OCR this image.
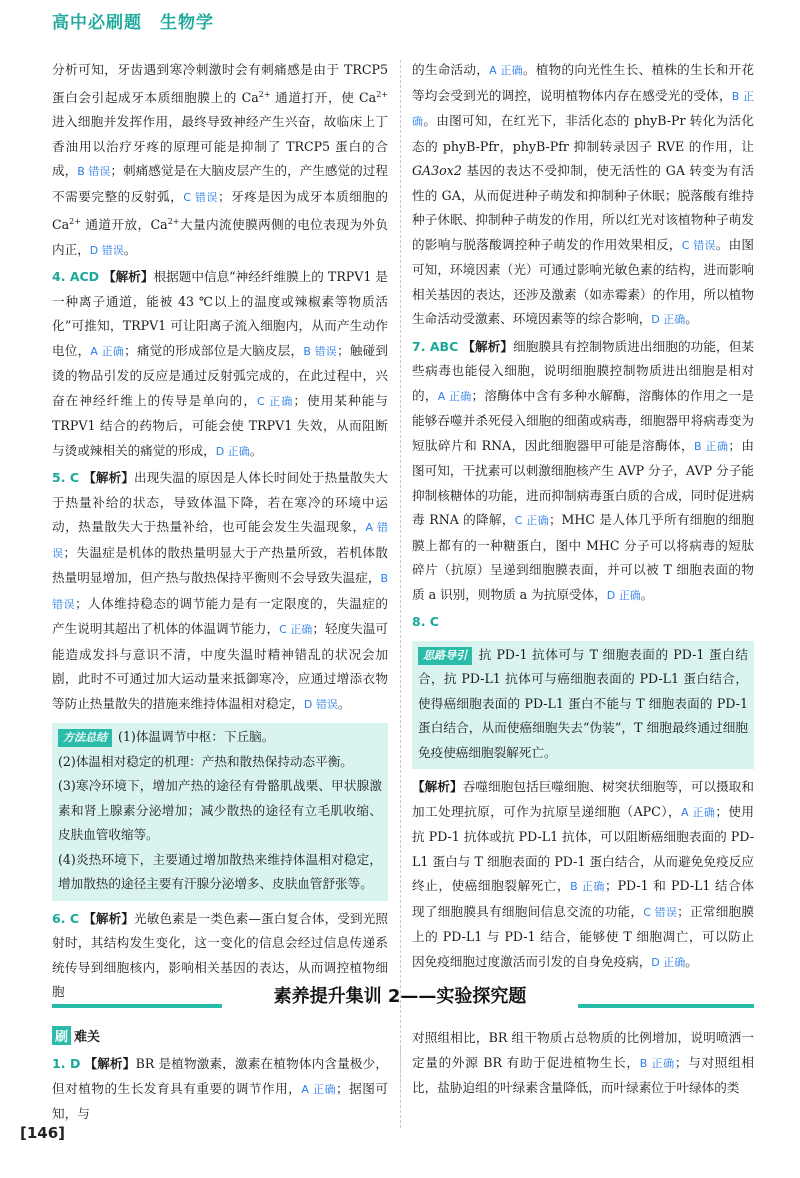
高中必刷题 生物学

分析可知，牙齿遇到寒冷刺激时会有刺痛感是由于 TRCP5 蛋白会引起成牙本质细胞膜上的 $Ca^{2+}$ 通道打开，使 $Ca^{2+}$ 进入细胞并发挥作用，最终导致神经产生兴奋，故临床上丁香油用以治疗牙疼的原理可能是抑制了 TRCP5 蛋白的合成，B 错误；刺痛感觉是在大脑皮层产生的，产生感觉的过程不需要完整的反射弧，C 错误；牙疼是因为成牙本质细胞的 $Ca^{2+}$ 通道开放，$Ca^{2+}$大量内流使膜两侧的电位表现为外负内正，D 错误。

4. ACD 【解析】根据题中信息“神经纤维膜上的 TRPV1 是一种离子通道，能被 43 ℃以上的温度或辣椒素等物质活化”可推知，TRPV1 可让阳离子流入细胞内，从而产生动作电位，A 正确；痛觉的形成部位是大脑皮层，B 错误；触碰到烫的物品引发的反应是通过反射弧完成的，在此过程中，兴奋在神经纤维上的传导是单向的，C 正确；使用某种能与 TRPV1 结合的药物后，可能会使 TRPV1 失效，从而阻断与烫或辣相关的痛觉的形成，D 正确。

5. C 【解析】出现失温的原因是人体长时间处于热量散失大于热量补给的状态，导致体温下降，若在寒冷的环境中运动，热量散失大于热量补给，也可能会发生失温现象，A 错误；失温症是机体的散热量明显大于产热量所致，若机体散热量明显增加，但产热与散热保持平衡则不会导致失温症，B 错误；人体维持稳态的调节能力是有一定限度的，失温症的产生说明其超出了机体的体温调节能力，C 正确；轻度失温可能造成发抖与意识不清，中度失温时精神错乱的状况会加剧，此时不可通过加大运动量来抵御寒冷，应通过增添衣物等防止热量散失的措施来维持体温相对稳定，D 错误。

方法总结 (1)体温调节中枢：下丘脑。

(2)体温相对稳定的机理：产热和散热保持动态平衡。

(3)寒冷环境下，增加产热的途径有骨骼肌战栗、甲状腺激素和肾上腺素分泌增加；减少散热的途径有立毛肌收缩、皮肤血管收缩等。

(4)炎热环境下，主要通过增加散热来维持体温相对稳定，增加散热的途径主要有汗腺分泌增多、皮肤血管舒张等。

6. C 【解析】光敏色素是一类色素—蛋白复合体，受到光照射时，其结构发生变化，这一变化的信息会经过信息传递系统传导到细胞核内，影响相关基因的表达，从而调控植物细胞

的生命活动，A 正确。植物的向光性生长、植株的生长和开花等均会受到光的调控，说明植物体内存在感受光的受体，B 正确。由图可知，在红光下，非活化态的 phyB-Pr 转化为活化态的 phyB-Pfr，phyB-Pfr 抑制转录因子 RVE 的作用，让 GA3ox2 基因的表达不受抑制，使无活性的 GA 转变为有活性的 GA，从而促进种子萌发和抑制种子休眠；脱落酸有维持种子休眠、抑制种子萌发的作用，所以红光对该植物种子萌发的影响与脱落酸调控种子萌发的作用效果相反，C 错误。由图可知，环境因素（光）可通过影响光敏色素的结构，进而影响相关基因的表达，还涉及激素（如赤霉素）的作用，所以植物生命活动受激素、环境因素等的综合影响，D 正确。

7. ABC 【解析】细胞膜具有控制物质进出细胞的功能，但某些病毒也能侵入细胞，说明细胞膜控制物质进出细胞是相对的，A 正确；溶酶体中含有多种水解酶，溶酶体的作用之一是能够吞噬并杀死侵入细胞的细菌或病毒，细胞器甲将病毒变为短肽碎片和 RNA，因此细胞器甲可能是溶酶体，B 正确；由图可知，干扰素可以刺激细胞核产生 AVP 分子，AVP 分子能抑制核糖体的功能，进而抑制病毒蛋白质的合成，同时促进病毒 RNA 的降解，C 正确；MHC 是人体几乎所有细胞的细胞膜上都有的一种糖蛋白，图中 MHC 分子可以将病毒的短肽碎片（抗原）呈递到细胞膜表面，并可以被 T 细胞表面的物质 a 识别，则物质 a 为抗原受体，D 正确。

8. C

思路导引 抗 PD-1 抗体可与 T 细胞表面的 PD-1 蛋白结合，抗 PD-L1 抗体可与癌细胞表面的 PD-L1 蛋白结合，使得癌细胞表面的 PD-L1 蛋白不能与 T 细胞表面的 PD-1 蛋白结合，从而使癌细胞失去“伪装”，T 细胞最终通过细胞免疫使癌细胞裂解死亡。

【解析】吞噬细胞包括巨噬细胞、树突状细胞等，可以摄取和加工处理抗原，可作为抗原呈递细胞（APC），A 正确；使用抗 PD-1 抗体或抗 PD-L1 抗体，可以阻断癌细胞表面的 PD-L1 蛋白与 T 细胞表面的 PD-1 蛋白结合，从而避免免疫反应终止，使癌细胞裂解死亡，B 正确；PD-1 和 PD-L1 结合体现了细胞膜具有细胞间信息交流的功能，C 错误；正常细胞膜上的 PD-L1 与 PD-1 结合，能够使 T 细胞凋亡，可以防止因免疫细胞过度激活而引发的自身免疫病，D 正确。

素养提升集训 2——实验探究题
刷 难关

1. D 【解析】BR 是植物激素，激素在植物体内含量极少，但对植物的生长发育具有重要的调节作用，A 正确；据图可知，与

对照组相比，BR 组干物质占总物质的比例增加，说明喷洒一定量的外源 BR 有助于促进植物生长，B 正确；与对照组相比，盐胁迫组的叶绿素含量降低，而叶绿素位于叶绿体的类

[146]
